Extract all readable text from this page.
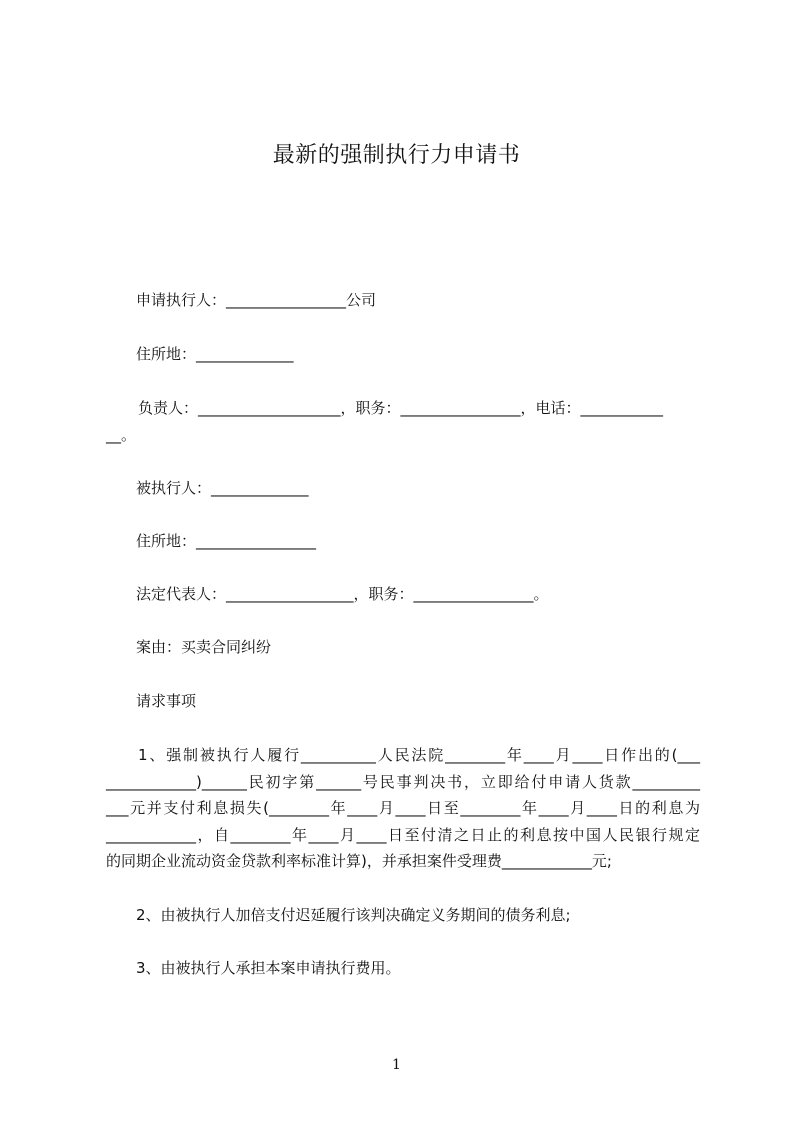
最新的强制执行力申请书
申请执行人：________________公司
住所地：_____________
负责人：___________________，职务：________________，电话：___________
__。
被执行人：_____________
住所地：________________
法定代表人：_________________，职务：________________。
案由：买卖合同纠纷
请求事项
1、强制被执行人履行__________人民法院________年____月____日作出的(___
____________)______民初字第______号民事判决书，立即给付申请人货款_________
___元并支付利息损失(________年____月____日至________年____月____日的利息为
____________，自________年____月____日至付清之日止的利息按中国人民银行规定
的同期企业流动资金贷款利率标准计算)，并承担案件受理费____________元;
2、由被执行人加倍支付迟延履行该判决确定义务期间的债务利息;
3、由被执行人承担本案申请执行费用。
1
